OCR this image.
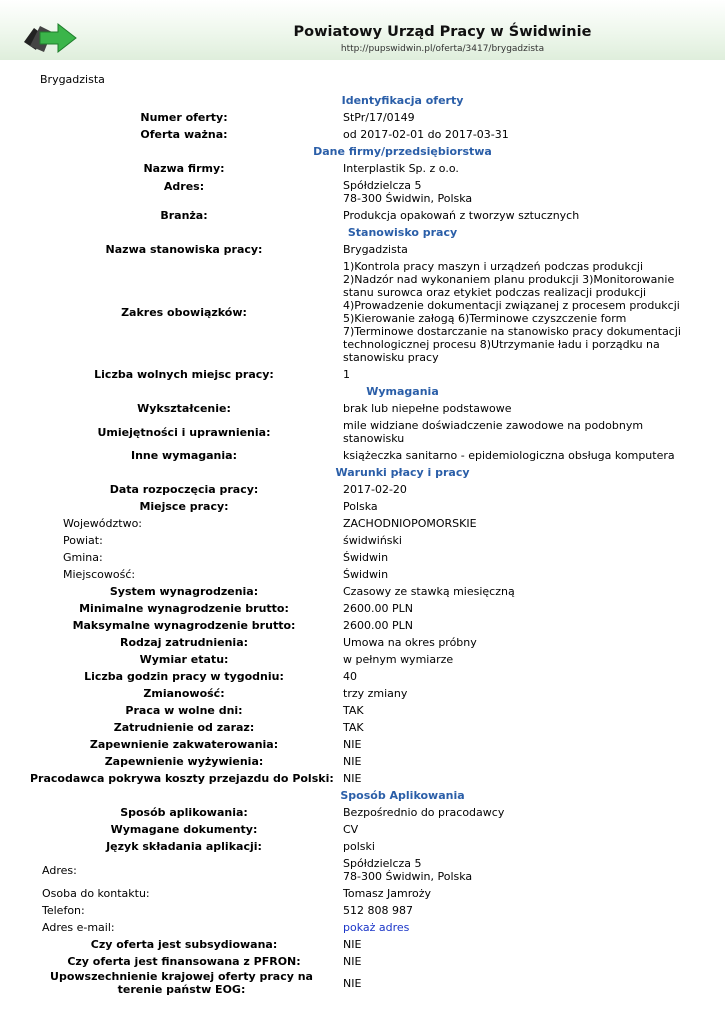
Powiatowy Urząd Pracy w Świdwinie
http://pupswidwin.pl/oferta/3417/brygadzista
Brygadzista
Identyfikacja oferty
Numer oferty:	StPr/17/0149
Oferta ważna:	od 2017-02-01 do 2017-03-31
Dane firmy/przedsiębiorstwa
Nazwa firmy:	Interplastik Sp. z o.o.
Adres:	Spółdzielcza 5
78-300 Świdwin, Polska
Branża:	Produkcja opakowań z tworzyw sztucznych
Stanowisko pracy
Nazwa stanowiska pracy:	Brygadzista
Zakres obowiązków:
1)Kontrola pracy maszyn i urządzeń podczas produkcji 2)Nadzór nad wykonaniem planu produkcji 3)Monitorowanie stanu surowca oraz etykiet podczas realizacji produkcji 4)Prowadzenie dokumentacji związanej z procesem produkcji 5)Kierowanie załogą 6)Terminowe czyszczenie form 7)Terminowe dostarczanie na stanowisko pracy dokumentacji technologicznej procesu 8)Utrzymanie ładu i porządku na stanowisku pracy
Liczba wolnych miejsc pracy:	1
Wymagania
Wykształcenie:	brak lub niepełne podstawowe
Umiejętności i uprawnienia:	mile widziane doświadczenie zawodowe na podobnym stanowisku
Inne wymagania:	książeczka sanitarno - epidemiologiczna obsługa komputera
Warunki płacy i pracy
Data rozpoczęcia pracy:	2017-02-20
Miejsce pracy:	Polska
Województwo:	ZACHODNIOPOMORSKIE
Powiat:	świdwiński
Gmina:	Świdwin
Miejscowość:	Świdwin
System wynagrodzenia:	Czasowy ze stawką miesięczną
Minimalne wynagrodzenie brutto:	2600.00 PLN
Maksymalne wynagrodzenie brutto:	2600.00 PLN
Rodzaj zatrudnienia:	Umowa na okres próbny
Wymiar etatu:	w pełnym wymiarze
Liczba godzin pracy w tygodniu:	40
Zmianowość:	trzy zmiany
Praca w wolne dni:	TAK
Zatrudnienie od zaraz:	TAK
Zapewnienie zakwaterowania:	NIE
Zapewnienie wyżywienia:	NIE
Pracodawca pokrywa koszty przejazdu do Polski: NIE
Sposób Aplikowania
Sposób aplikowania:	Bezpośrednio do pracodawcy
Wymagane dokumenty:	CV
Język składania aplikacji:	polski
Adres:	Spółdzielcza 5
78-300 Świdwin, Polska
Osoba do kontaktu:	Tomasz Jamroży
Telefon:	512 808 987
Adres e-mail:	pokaż adres
Czy oferta jest subsydiowana:	NIE
Czy oferta jest finansowana z PFRON:	NIE
Upowszechnienie krajowej oferty pracy na terenie państw EOG:	NIE
